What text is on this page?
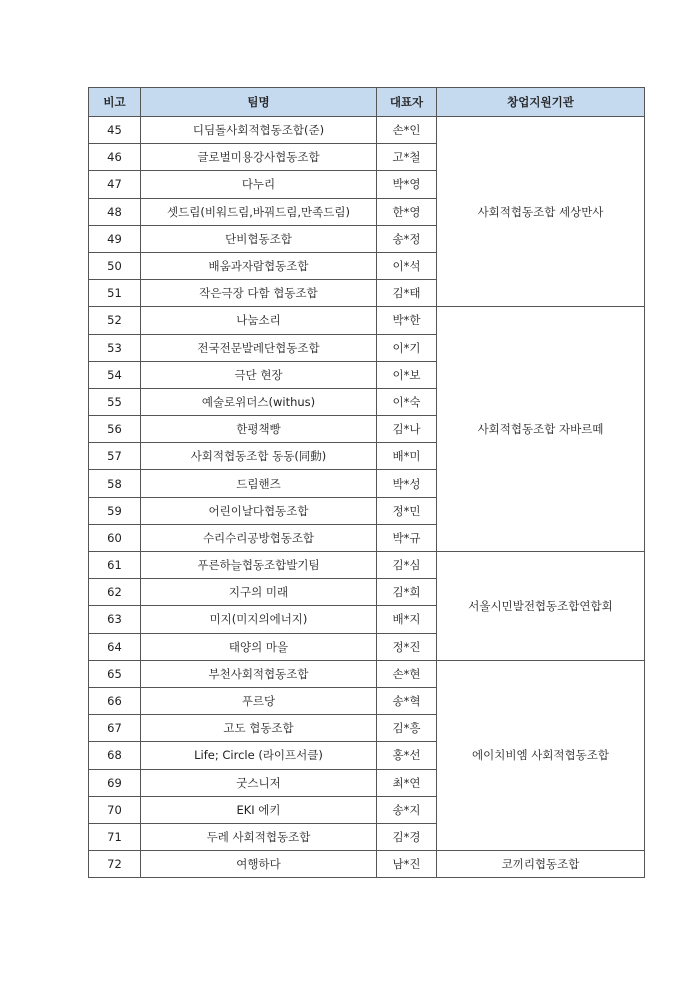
비고	팀명	대표자	창업지원기관
45	디딤돌사회적협동조합(준)	손*인	사회적협동조합 세상만사
46	글로벌미용강사협동조합	고*철	
47	다누리	박*영	
48	셋드림(비워드림,바꿔드림,만족드림)	한*영	
49	단비협동조합	송*정	
50	배움과자람협동조합	이*석	
51	작은극장 다함 협동조합	김*태	
52	나눔소리	박*한	사회적협동조합 자바르떼
53	전국전문발레단협동조합	이*기	
54	극단 현장	이*보	
55	예술로위더스(withus)	이*숙	
56	한평책빵	김*나	
57	사회적협동조합 동동(同動)	배*미	
58	드림핸즈	박*성	
59	어린이날다협동조합	정*민	
60	수리수리공방협동조합	박*규	
61	푸른하늘협동조합발기팀	김*심	서울시민발전협동조합연합회
62	지구의 미래	김*희	
63	미지(미지의에너지)	배*지	
64	태양의 마을	정*진	
65	부천사회적협동조합	손*현	에이치비엠 사회적협동조합
66	푸르당	송*혁	
67	고도 협동조합	김*흥	
68	Life; Circle (라이프서클)	홍*선	
69	굿스니저	최*연	
70	EKI 에키	송*지	
71	두레 사회적협동조합	김*경	
72	여행하다	남*진	코끼리협동조합
